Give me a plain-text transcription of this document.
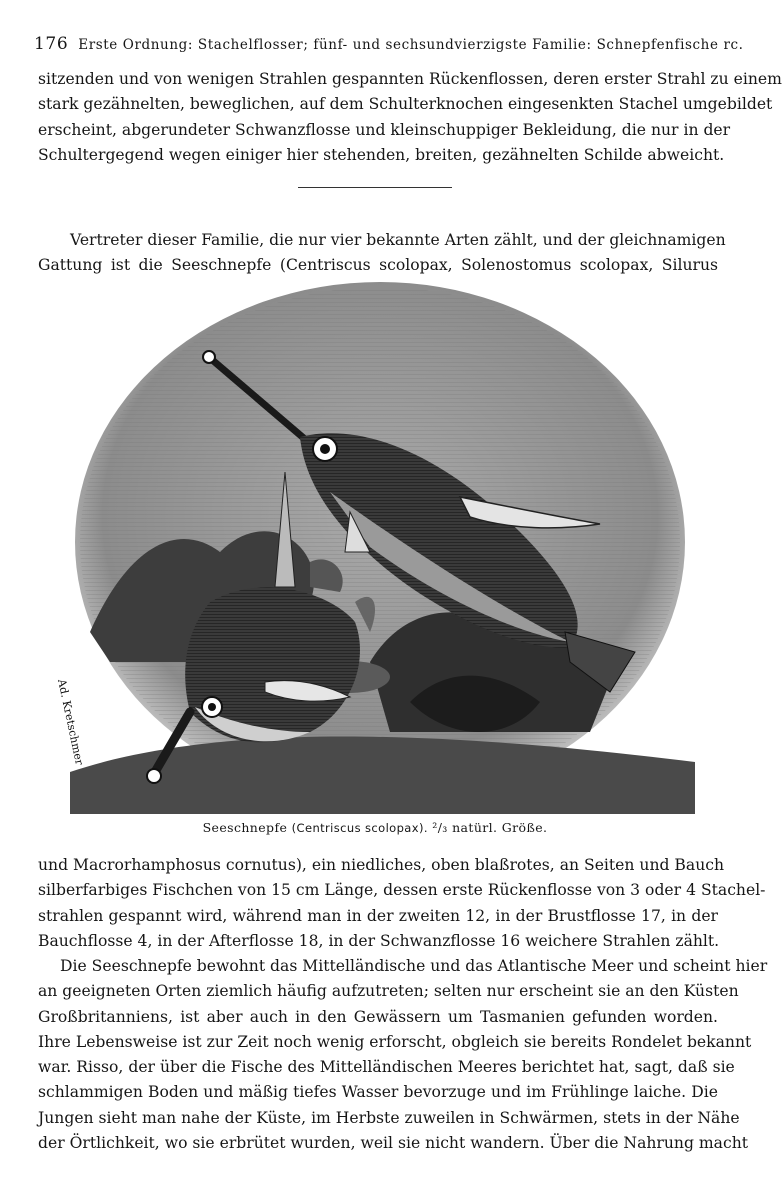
176 Erste Ordnung: Stachelflosser; fünf- und sechsundvierzigste Familie: Schnepfenfische rc.
sitzenden und von wenigen Strahlen gespannten Rückenflossen, deren erster Strahl zu einem
stark gezähnelten, beweglichen, auf dem Schulterknochen eingesenkten Stachel umgebildet
erscheint, abgerundeter Schwanzflosse und kleinschuppiger Bekleidung, die nur in der
Schultergegend wegen einiger hier stehenden, breiten, gezähnelten Schilde abweicht.
Vertreter dieser Familie, die nur vier bekannte Arten zählt, und der gleichnamigen
Gattung ist die Seeschnepfe (Centriscus scolopax, Solenostomus scolopax, Silurus
Ad. Kretschmer
Seeschnepfe (Centriscus scolopax). ²/₃ natürl. Größe.
und Macrorhamphosus cornutus), ein niedliches, oben blaßrotes, an Seiten und Bauch
silberfarbiges Fischchen von 15 cm Länge, dessen erste Rückenflosse von 3 oder 4 Stachel-
strahlen gespannt wird, während man in der zweiten 12, in der Brustflosse 17, in der
Bauchflosse 4, in der Afterflosse 18, in der Schwanzflosse 16 weichere Strahlen zählt.
Die Seeschnepfe bewohnt das Mittelländische und das Atlantische Meer und scheint hier
an geeigneten Orten ziemlich häufig aufzutreten; selten nur erscheint sie an den Küsten
Großbritanniens, ist aber auch in den Gewässern um Tasmanien gefunden worden.
Ihre Lebensweise ist zur Zeit noch wenig erforscht, obgleich sie bereits Rondelet bekannt
war. Risso, der über die Fische des Mittelländischen Meeres berichtet hat, sagt, daß sie
schlammigen Boden und mäßig tiefes Wasser bevorzuge und im Frühlinge laiche. Die
Jungen sieht man nahe der Küste, im Herbste zuweilen in Schwärmen, stets in der Nähe
der Örtlichkeit, wo sie erbrütet wurden, weil sie nicht wandern. Über die Nahrung macht
